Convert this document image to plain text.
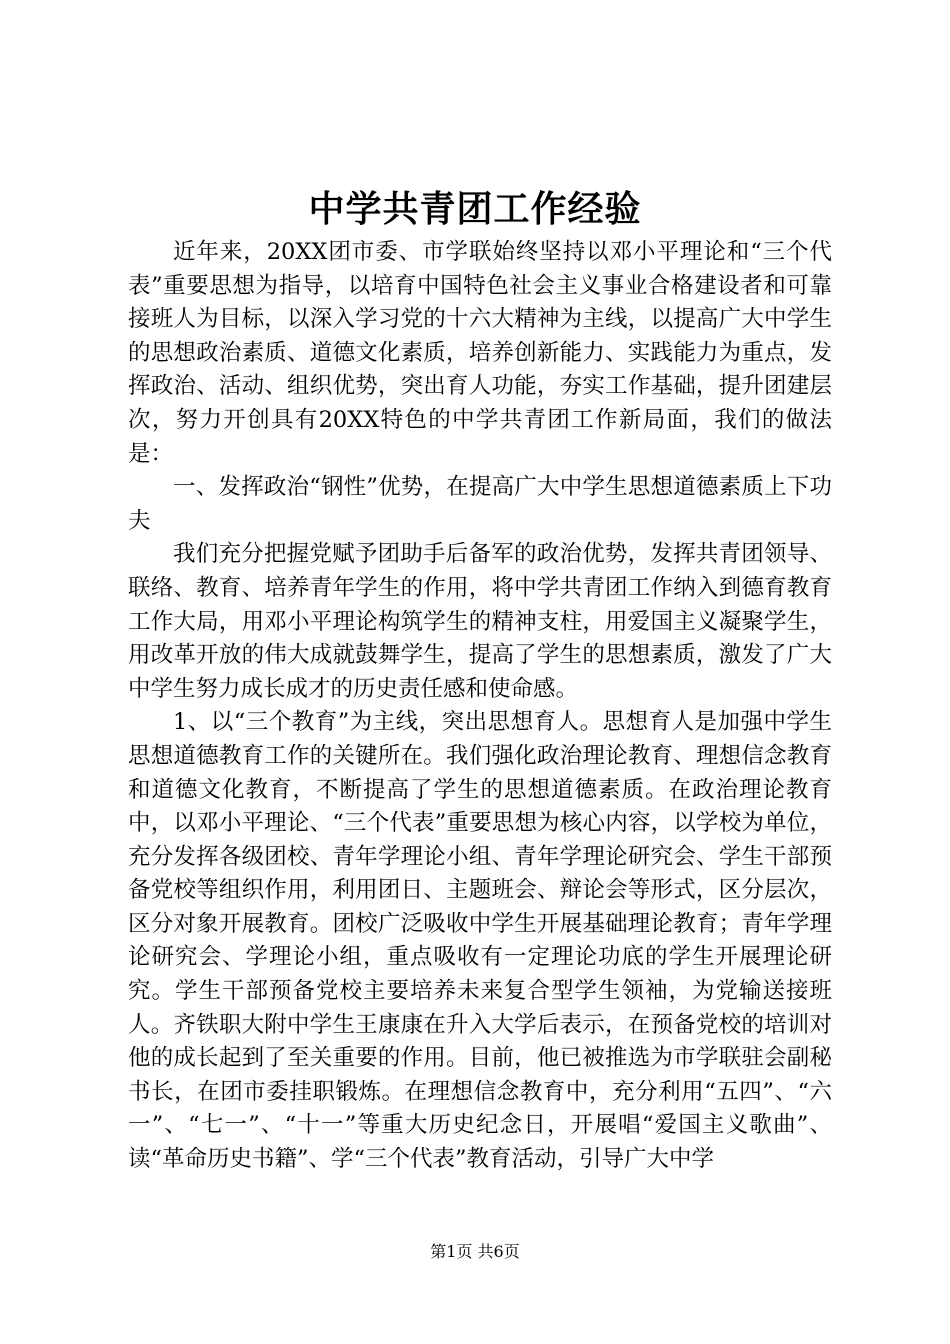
中学共青团工作经验

近年来，20XX团市委、市学联始终坚持以邓小平理论和“三个代表”重要思想为指导，以培育中国特色社会主义事业合格建设者和可靠接班人为目标，以深入学习党的十六大精神为主线，以提高广大中学生的思想政治素质、道德文化素质，培养创新能力、实践能力为重点，发挥政治、活动、组织优势，突出育人功能，夯实工作基础，提升团建层次，努力开创具有20XX特色的中学共青团工作新局面，我们的做法是：

一、发挥政治“钢性”优势，在提高广大中学生思想道德素质上下功夫

我们充分把握党赋予团助手后备军的政治优势，发挥共青团领导、联络、教育、培养青年学生的作用，将中学共青团工作纳入到德育教育工作大局，用邓小平理论构筑学生的精神支柱，用爱国主义凝聚学生，用改革开放的伟大成就鼓舞学生，提高了学生的思想素质，激发了广大中学生努力成长成才的历史责任感和使命感。

1、以“三个教育”为主线，突出思想育人。思想育人是加强中学生思想道德教育工作的关键所在。我们强化政治理论教育、理想信念教育和道德文化教育，不断提高了学生的思想道德素质。在政治理论教育中，以邓小平理论、“三个代表”重要思想为核心内容，以学校为单位，充分发挥各级团校、青年学理论小组、青年学理论研究会、学生干部预备党校等组织作用，利用团日、主题班会、辩论会等形式，区分层次，区分对象开展教育。团校广泛吸收中学生开展基础理论教育；青年学理论研究会、学理论小组，重点吸收有一定理论功底的学生开展理论研究。学生干部预备党校主要培养未来复合型学生领袖，为党输送接班人。齐铁职大附中学生王康康在升入大学后表示，在预备党校的培训对他的成长起到了至关重要的作用。目前，他已被推选为市学联驻会副秘书长，在团市委挂职锻炼。在理想信念教育中，充分利用“五四”、“六一”、“七一”、“十一”等重大历史纪念日，开展唱“爱国主义歌曲”、读“革命历史书籍”、学“三个代表”教育活动，引导广大中学

第1页 共6页
